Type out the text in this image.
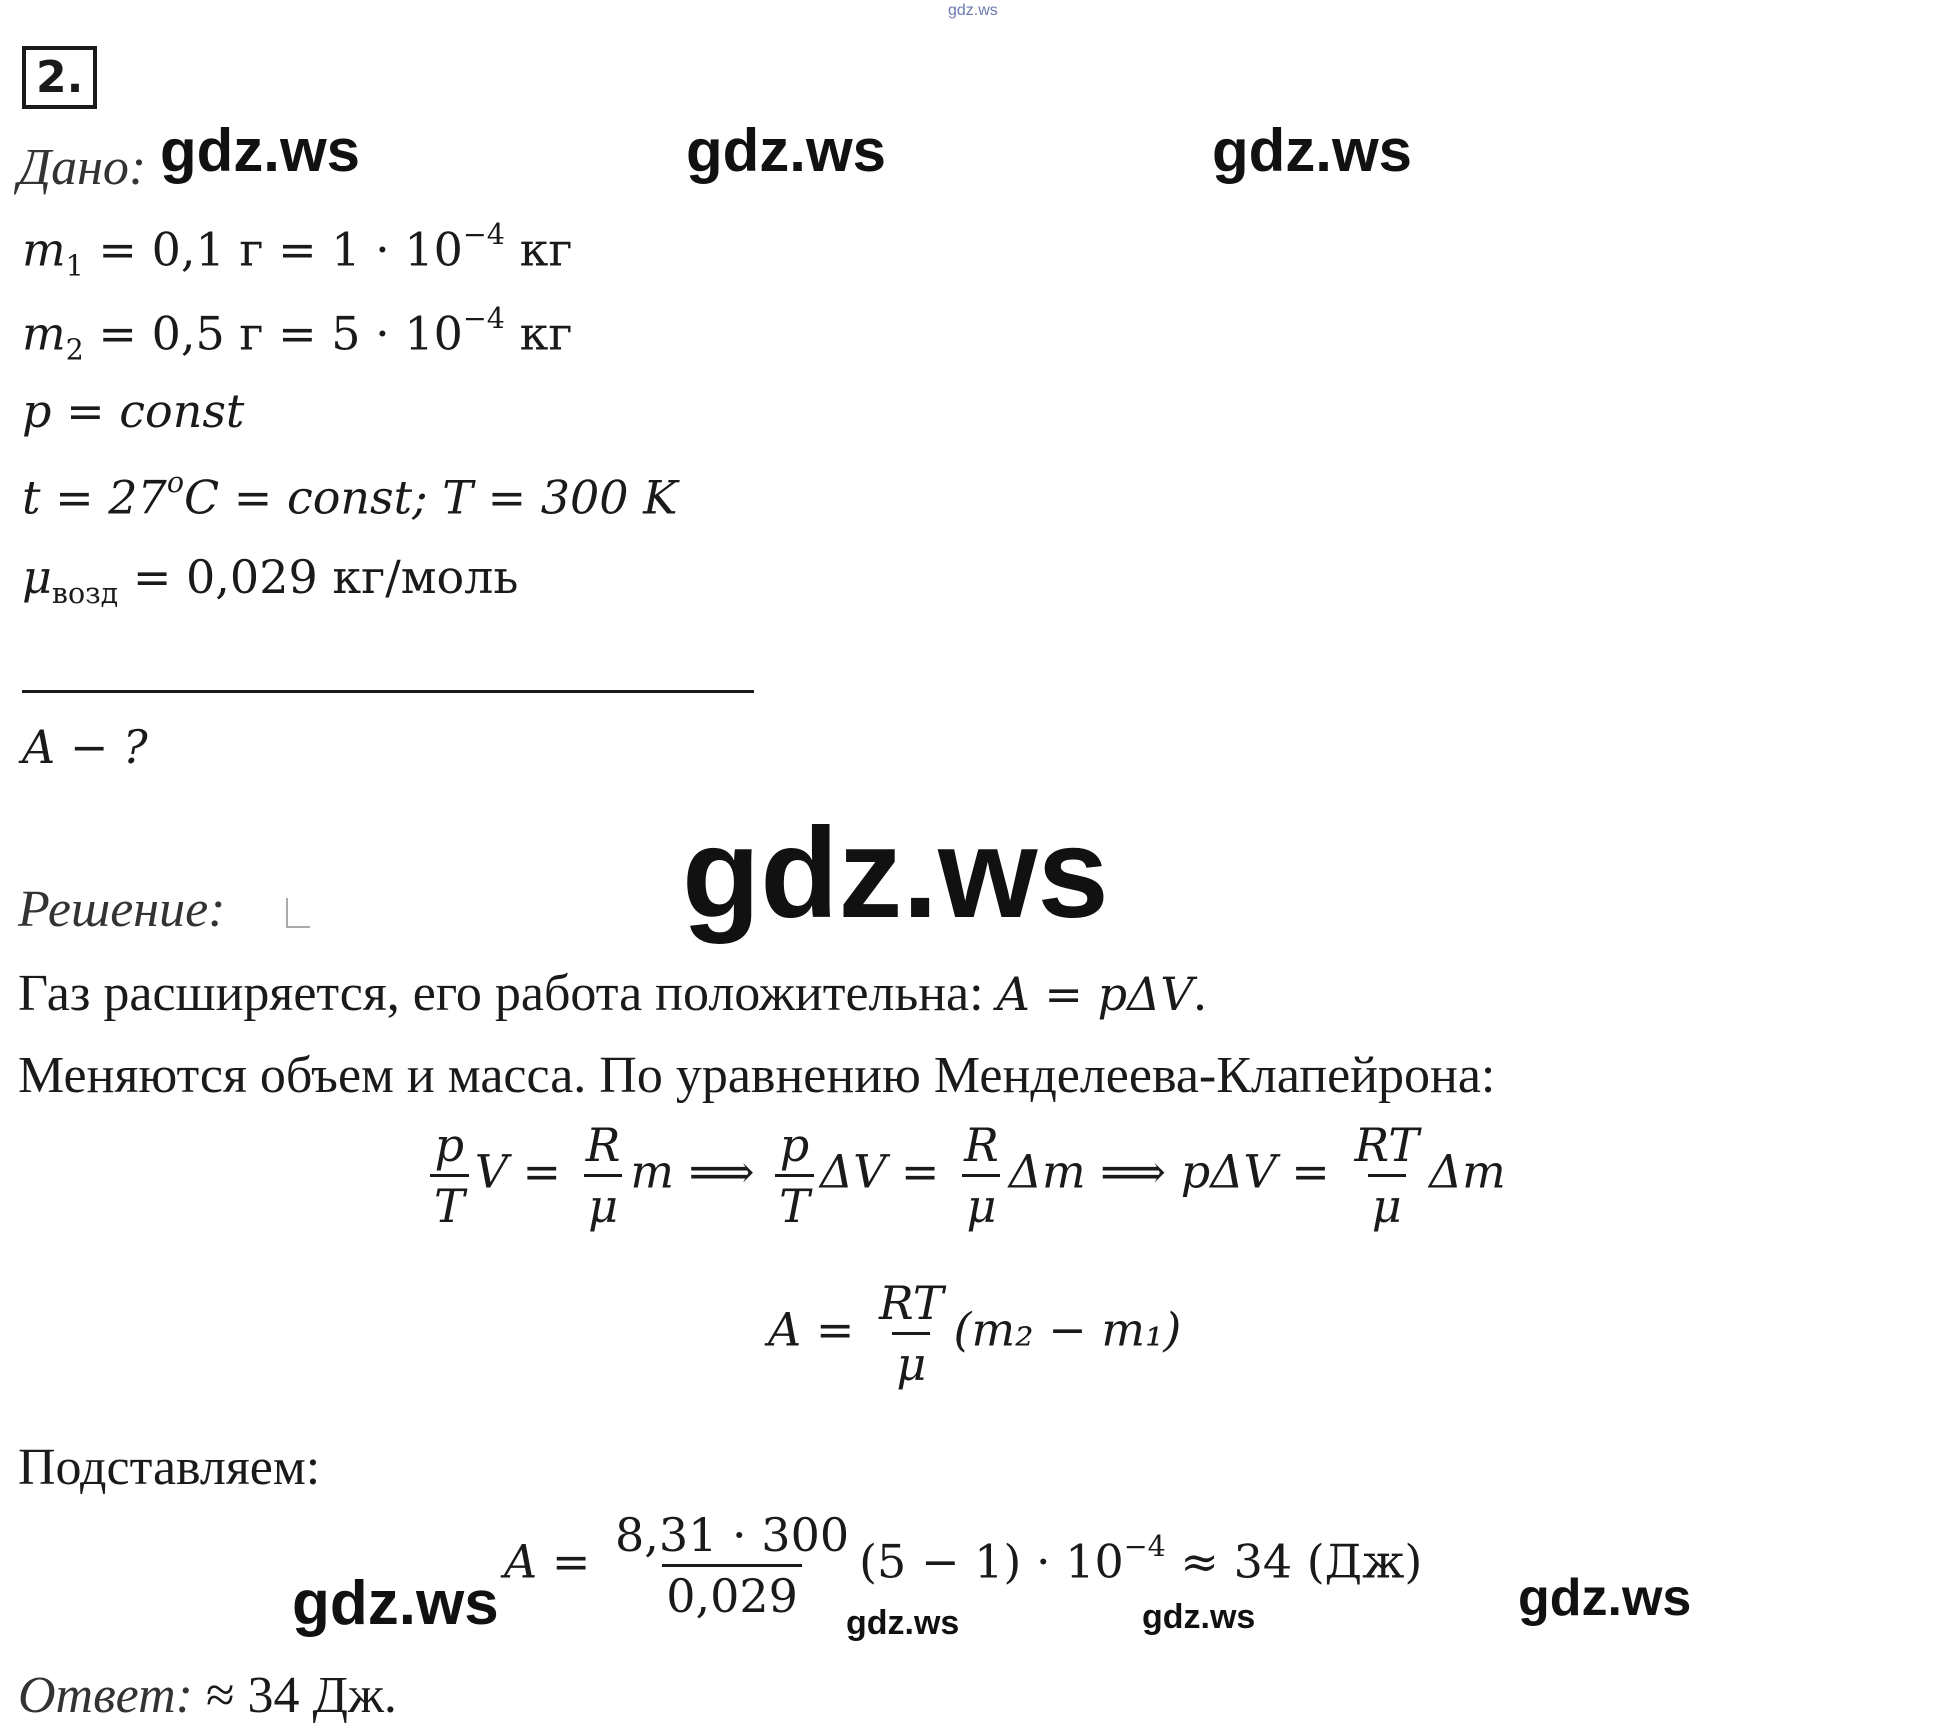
gdz.ws
2.
Дано: gdz.ws	gdz.ws	gdz.ws
$m_1 = 0,1$ $г = 1 \cdot 10^{-4}$ кг
$m_2 = 0,5$ $г = 5 \cdot 10^{-4}$ кг
p = const
$t = 27^oC$ = const; T = 300 K
$\mu_{возд} = 0,029$ кг/моль
A − ?
gdz.ws
Решение:
Газ расширяется, его работа положительна: A = pΔV.
Меняются объем и масса. По уравнению Менделеева-Клапейрона:
$\frac{p}{T}$ $V = \frac{R}{\mu}$ m ⟹ $\frac{p}{T}$ $\Delta V = \frac{R}{\mu}$ Δm ⟹ $p\Delta V = \frac{RT}{\mu}$ Δm
$A = \frac{RT}{\mu} (m_2 - m_1)$
Подставляем:
gdz.ws
$A = \frac{8,31 \cdot 300}{0,029} (5 - 1) \cdot 10^{-4} \approx 34$ (Дж)
gdz.ws	gdz.ws	gdz.ws
Ответ: ≈ 34 Дж.
